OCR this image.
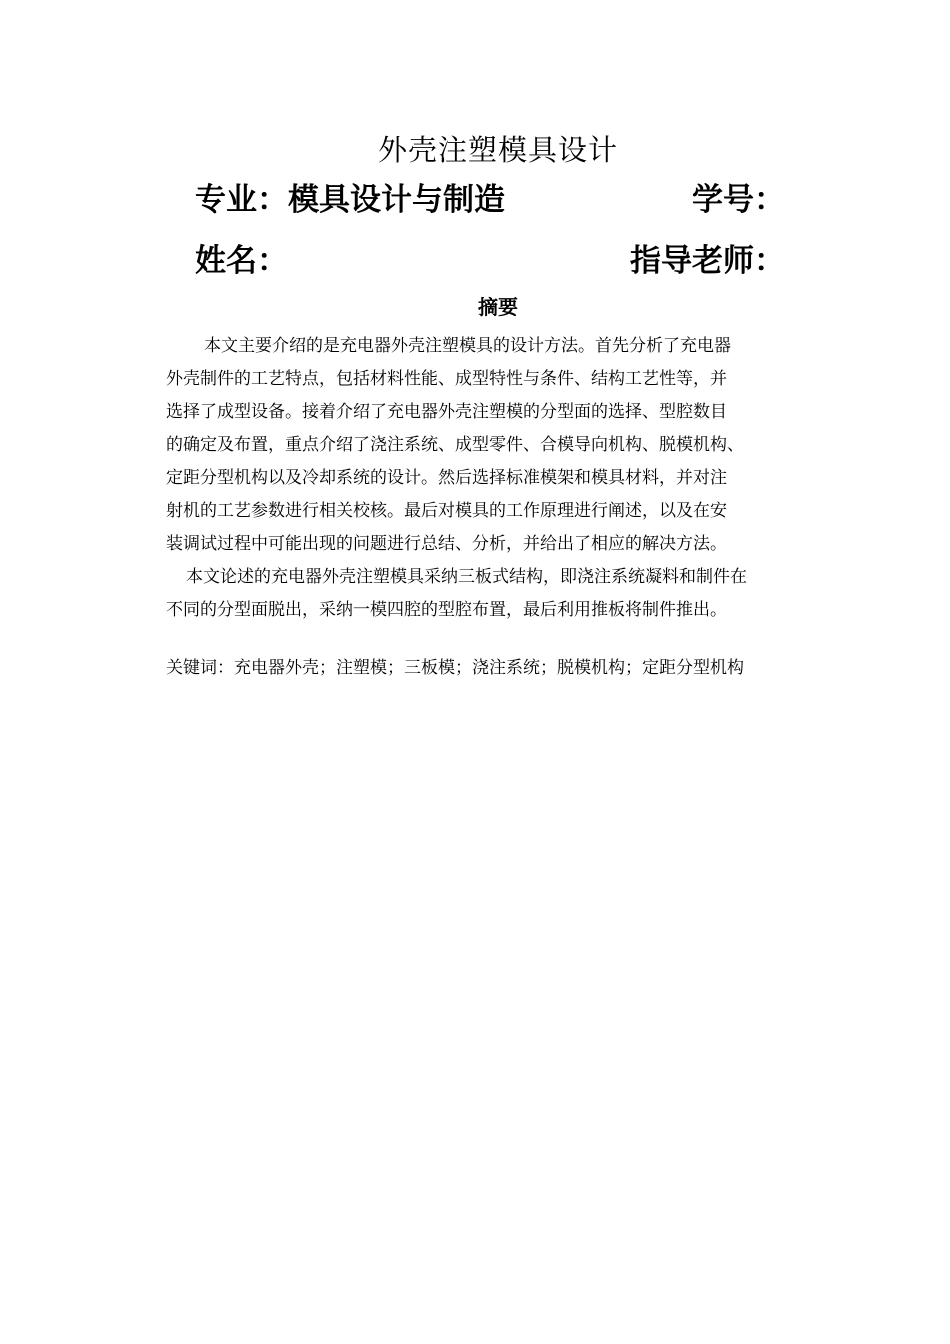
外壳注塑模具设计
专业：模具设计与制造	学号：
姓名：	指导老师：
摘要
本文主要介绍的是充电器外壳注塑模具的设计方法。首先分析了充电器
外壳制件的工艺特点，包括材料性能、成型特性与条件、结构工艺性等，并
选择了成型设备。接着介绍了充电器外壳注塑模的分型面的选择、型腔数目
的确定及布置，重点介绍了浇注系统、成型零件、合模导向机构、脱模机构、
定距分型机构以及冷却系统的设计。然后选择标准模架和模具材料，并对注
射机的工艺参数进行相关校核。最后对模具的工作原理进行阐述，以及在安
装调试过程中可能出现的问题进行总结、分析，并给出了相应的解决方法。
本文论述的充电器外壳注塑模具采纳三板式结构，即浇注系统凝料和制件在
不同的分型面脱出，采纳一模四腔的型腔布置，最后利用推板将制件推出。
关键词：充电器外壳；注塑模；三板模；浇注系统；脱模机构；定距分型机构
